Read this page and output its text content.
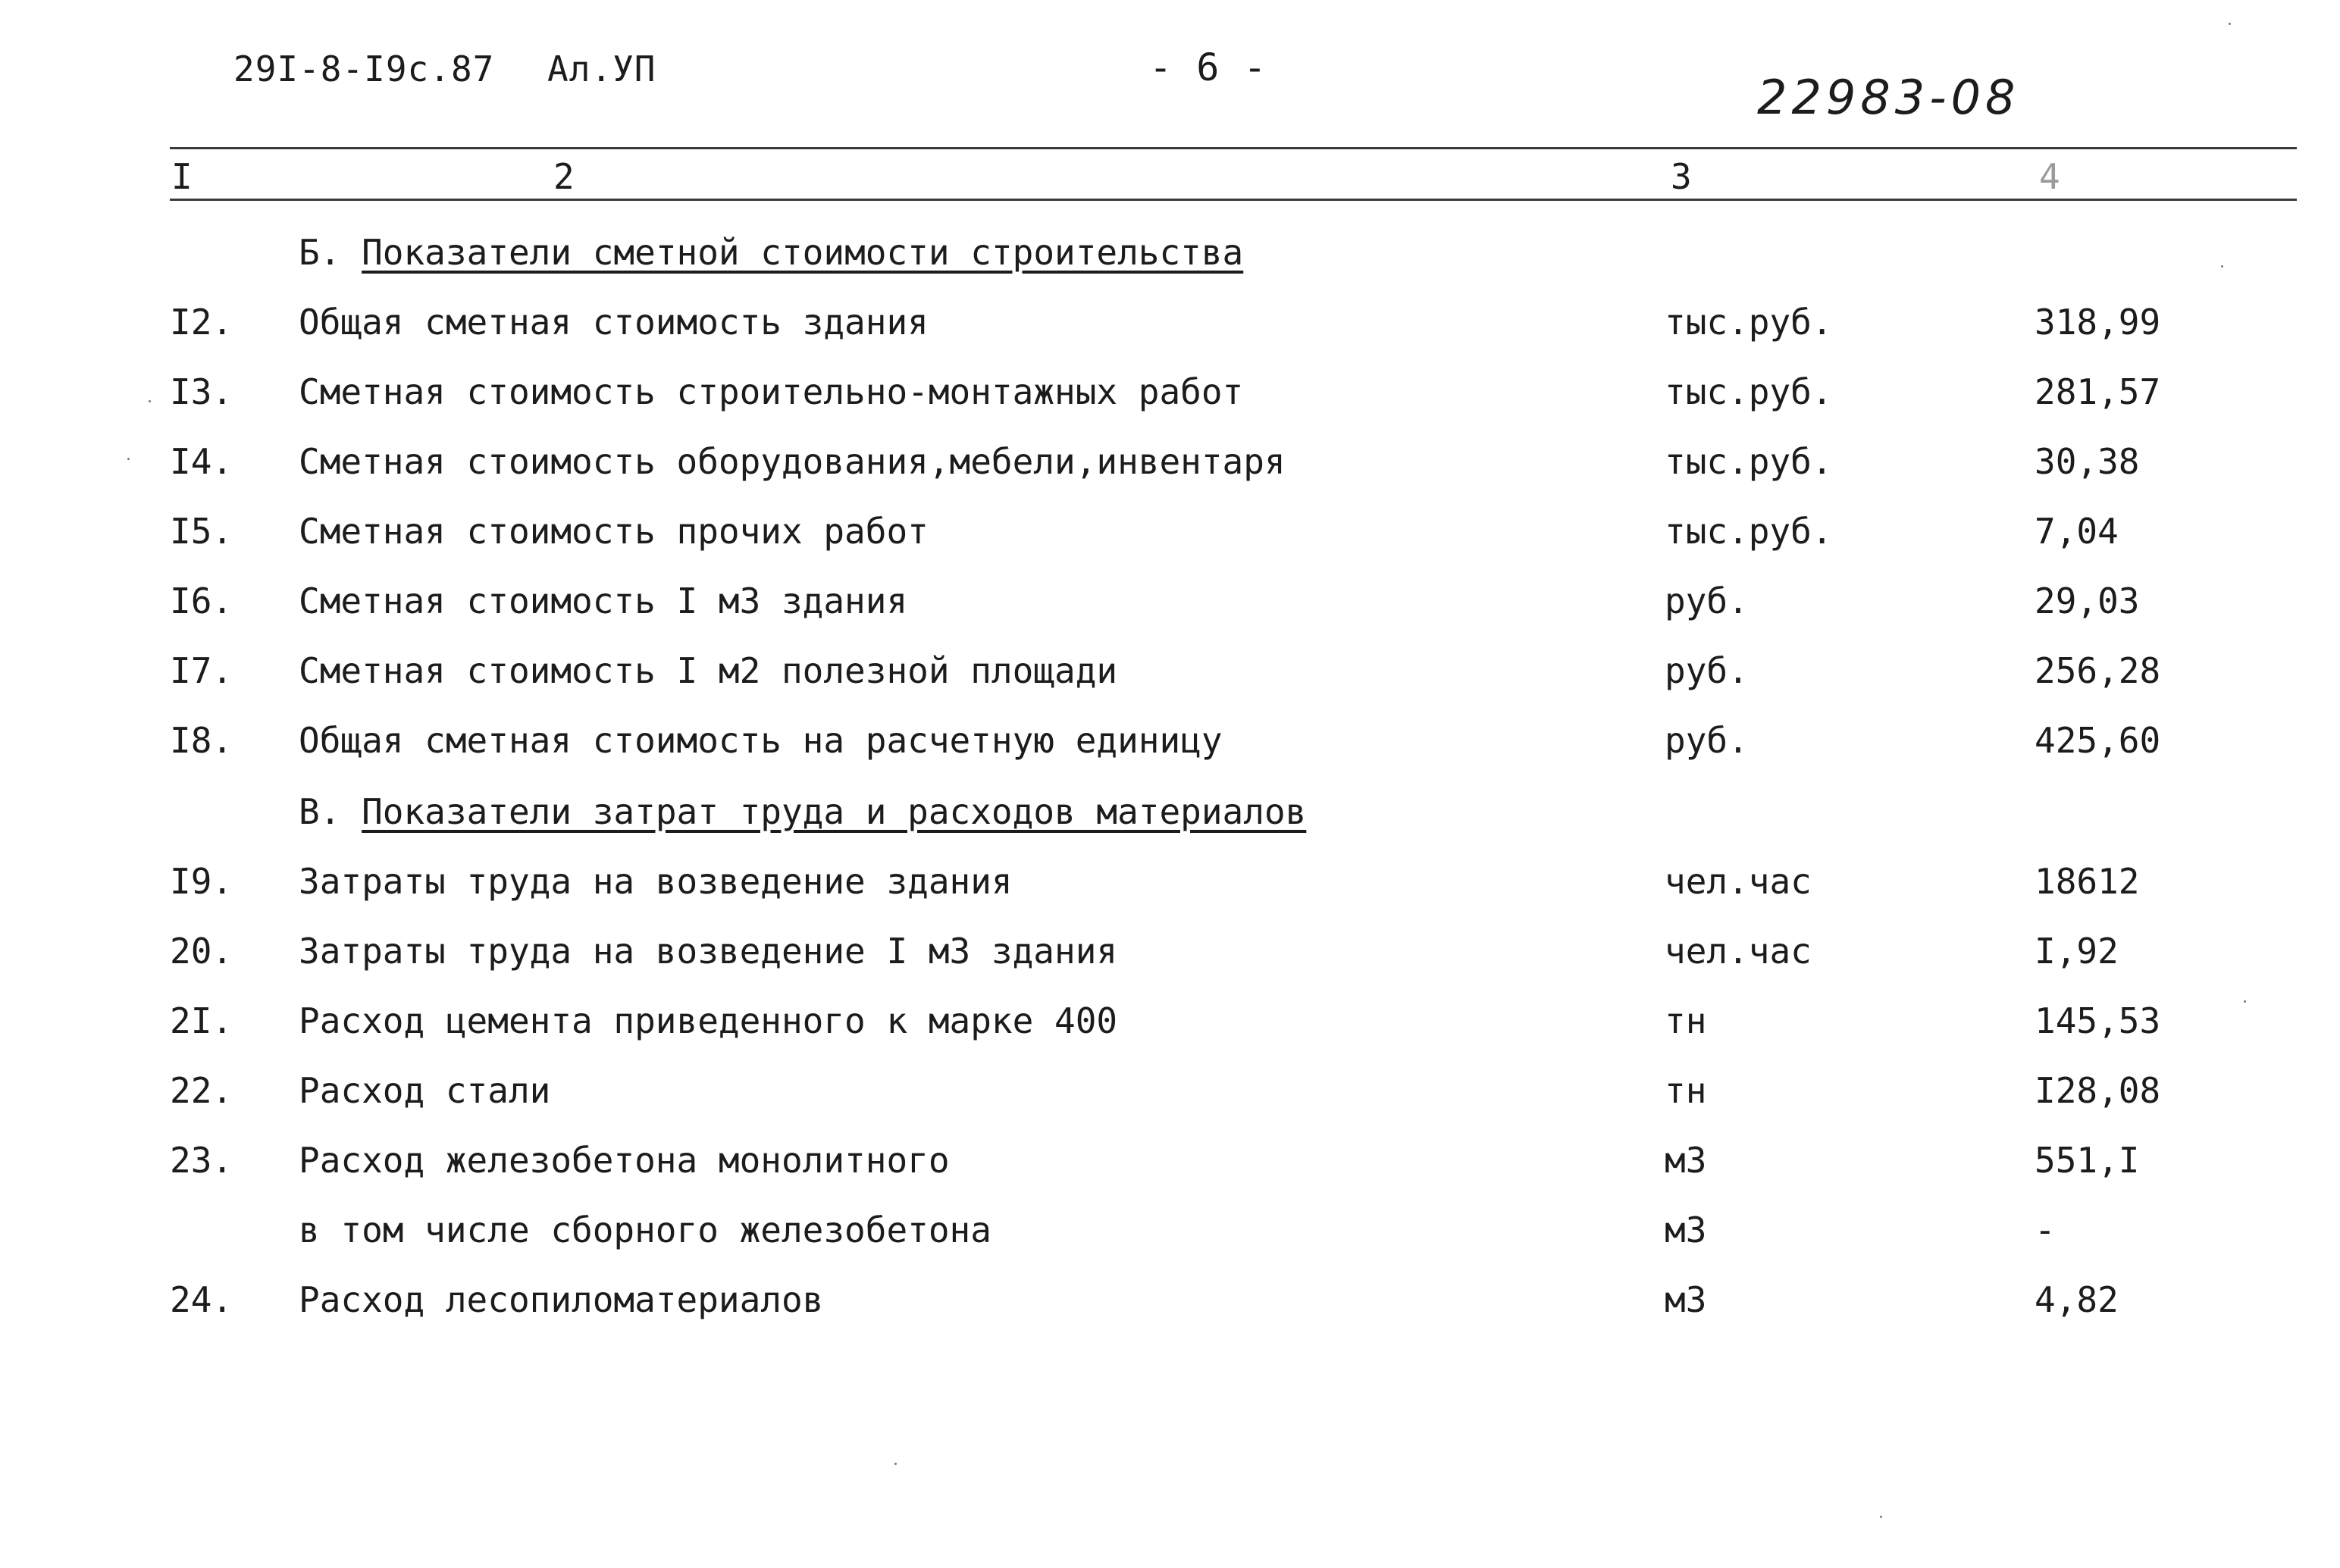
29I-8-I9c.87 Ал.УП	- 6 -
22983-08
I	2	3	4
Б. Показатели сметной стоимости строительства
I2. Общая сметная стоимость здания	тыс.руб.	318,99
I3. Сметная стоимость строительно-монтажных работ	тыс.руб.	281,57
I4. Сметная стоимость оборудования,мебели,инвентаря	тыс.руб.	30,38
I5. Сметная стоимость прочих работ	тыс.руб.	7,04
I6. Сметная стоимость I м3 здания	руб.	29,03
I7. Сметная стоимость I м2 полезной площади	руб.	256,28
I8. Общая сметная стоимость на расчетную единицу	руб.	425,60
В. Показатели затрат труда и расходов материалов
I9. Затраты труда на возведение здания	чел.час	18612
20. Затраты труда на возведение I м3 здания	чел.час	I,92
2I. Расход цемента приведенного к марке 400	тн	145,53
22. Расход стали	тн	I28,08
23. Расход железобетона монолитного	м3	551,I
в том числе сборного железобетона	м3	-
24. Расход лесопиломатериалов	м3	4,82
